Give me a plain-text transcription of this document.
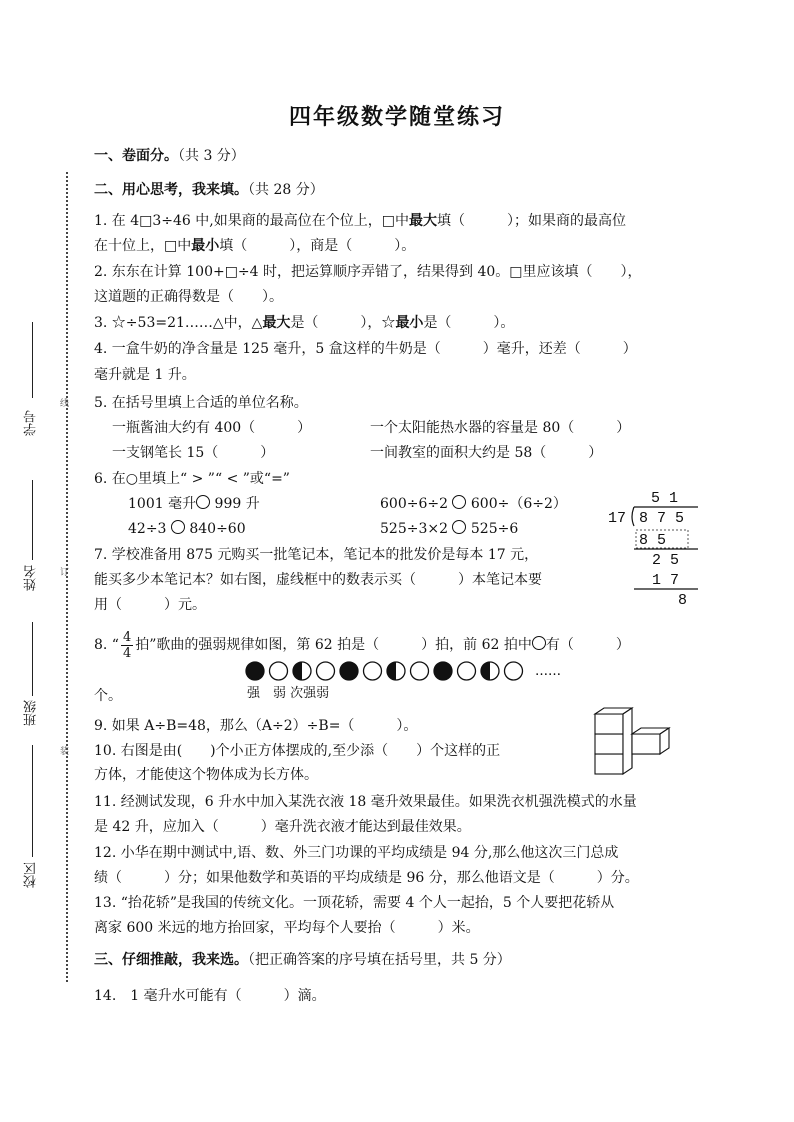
四年级数学随堂练习
学号
姓名
班级
校区
线
订
装
一、卷面分。（共 3 分）
二、用心思考，我来填。（共 28 分）
1. 在 4□3÷46 中,如果商的最高位在个位上，□中最大填（　　　）；如果商的最高位
在十位上，□中最小填（　　　），商是（　　　）。
2. 东东在计算 100+□÷4 时，把运算顺序弄错了，结果得到 40。□里应该填（　　），
这道题的正确得数是（　　）。
3. ☆÷53=21……△中，△最大是（　　　），☆最小是（　　　）。
4. 一盒牛奶的净含量是 125 毫升，5 盒这样的牛奶是（　　　）毫升，还差（　　　）
毫升就是 1 升。
5. 在括号里填上合适的单位名称。
一瓶酱油大约有 400（　　　）	一个太阳能热水器的容量是 80（　　　）
一支钢笔长 15（　　　）	一间教室的面积大约是 58（　　　）
6. 在○里填上“ > ”“ < ”或“=”
1001 毫升 999 升	600÷6÷2  600÷（6÷2）
42÷3  840÷60	525÷3×2  525÷6
5 1
17 8 7 5
8 5
2 5
1 7
8
7. 学校准备用 875 元购买一批笔记本，笔记本的批发价是每本 17 元，
能买多少本笔记本？如右图，虚线框中的数表示买（　　　）本笔记本要
用（　　　）元。
8. “ $\frac{4}{4}$ 拍”歌曲的强弱规律如图，第 62 拍是（　　　）拍，前 62 拍中 有（　　　）
……
个。	强　弱 次强弱
9. 如果 A÷B=48，那么（A÷2）÷B=（　　　）。
10. 右图是由(　　)个小正方体摆成的,至少添（　　）个这样的正
方体，才能使这个物体成为长方体。
11. 经测试发现，6 升水中加入某洗衣液 18 毫升效果最佳。如果洗衣机强洗模式的水量
是 42 升，应加入（　　　）毫升洗衣液才能达到最佳效果。
12. 小华在期中测试中,语、数、外三门功课的平均成绩是 94 分,那么他这次三门总成
绩（　　　）分；如果他数学和英语的平均成绩是 96 分，那么他语文是（　　　）分。
13. “抬花轿”是我国的传统文化。一顶花轿，需要 4 个人一起抬，5 个人要把花轿从
离家 600 米远的地方抬回家，平均每个人要抬（　　　）米。
三、仔细推敲，我来选。（把正确答案的序号填在括号里，共 5 分）
14.　1 毫升水可能有（　　　）滴。
